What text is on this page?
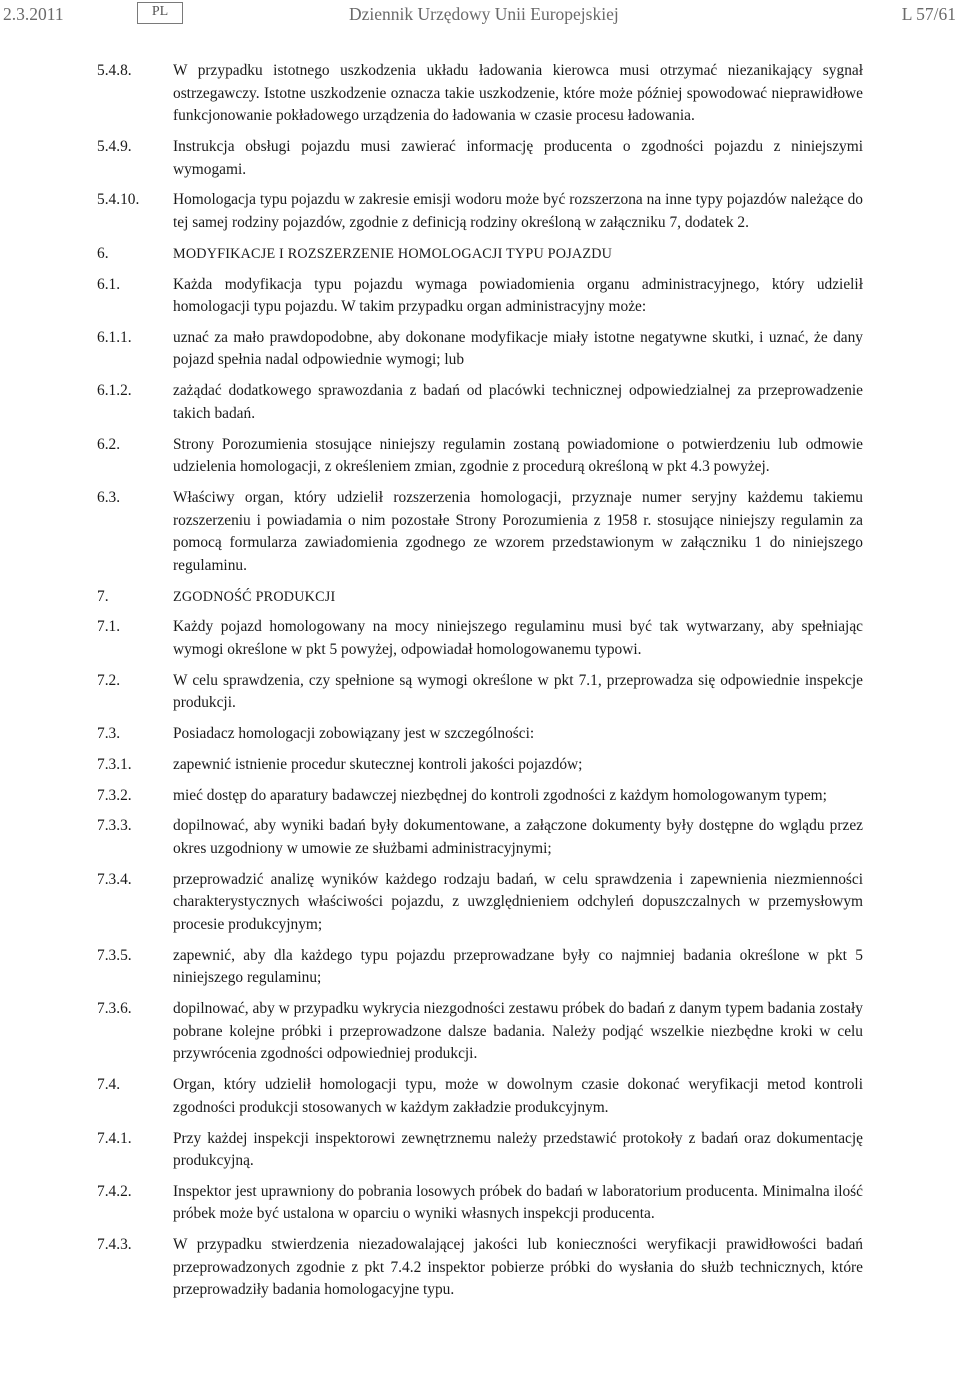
2.3.2011	PL	Dziennik Urzędowy Unii Europejskiej	L 57/61
5.4.8.	W przypadku istotnego uszkodzenia układu ładowania kierowca musi otrzymać niezanikający sygnał ostrzegawczy. Istotne uszkodzenie oznacza takie uszkodzenie, które może później spowodować nieprawidłowe funkcjonowanie pokładowego urządzenia do ładowania w czasie procesu ładowania.
5.4.9.	Instrukcja obsługi pojazdu musi zawierać informację producenta o zgodności pojazdu z niniejszymi wymogami.
5.4.10.	Homologacja typu pojazdu w zakresie emisji wodoru może być rozszerzona na inne typy pojazdów należące do tej samej rodziny pojazdów, zgodnie z definicją rodziny określoną w załączniku 7, dodatek 2.
6.	MODYFIKACJE I ROZSZERZENIE HOMOLOGACJI TYPU POJAZDU
6.1.	Każda modyfikacja typu pojazdu wymaga powiadomienia organu administracyjnego, który udzielił homologacji typu pojazdu. W takim przypadku organ administracyjny może:
6.1.1.	uznać za mało prawdopodobne, aby dokonane modyfikacje miały istotne negatywne skutki, i uznać, że dany pojazd spełnia nadal odpowiednie wymogi; lub
6.1.2.	zażądać dodatkowego sprawozdania z badań od placówki technicznej odpowiedzialnej za przeprowadzenie takich badań.
6.2.	Strony Porozumienia stosujące niniejszy regulamin zostaną powiadomione o potwierdzeniu lub odmowie udzielenia homologacji, z określeniem zmian, zgodnie z procedurą określoną w pkt 4.3 powyżej.
6.3.	Właściwy organ, który udzielił rozszerzenia homologacji, przyznaje numer seryjny każdemu takiemu rozszerzeniu i powiadamia o nim pozostałe Strony Porozumienia z 1958 r. stosujące niniejszy regulamin za pomocą formularza zawiadomienia zgodnego ze wzorem przedstawionym w załączniku 1 do niniejszego regulaminu.
7.	ZGODNOŚĆ PRODUKCJI
7.1.	Każdy pojazd homologowany na mocy niniejszego regulaminu musi być tak wytwarzany, aby spełniając wymogi określone w pkt 5 powyżej, odpowiadał homologowanemu typowi.
7.2.	W celu sprawdzenia, czy spełnione są wymogi określone w pkt 7.1, przeprowadza się odpowiednie inspekcje produkcji.
7.3.	Posiadacz homologacji zobowiązany jest w szczególności:
7.3.1.	zapewnić istnienie procedur skutecznej kontroli jakości pojazdów;
7.3.2.	mieć dostęp do aparatury badawczej niezbędnej do kontroli zgodności z każdym homologowanym typem;
7.3.3.	dopilnować, aby wyniki badań były dokumentowane, a załączone dokumenty były dostępne do wglądu przez okres uzgodniony w umowie ze służbami administracyjnymi;
7.3.4.	przeprowadzić analizę wyników każdego rodzaju badań, w celu sprawdzenia i zapewnienia niezmienności charakterystycznych właściwości pojazdu, z uwzględnieniem odchyleń dopuszczalnych w przemysłowym procesie produkcyjnym;
7.3.5.	zapewnić, aby dla każdego typu pojazdu przeprowadzane były co najmniej badania określone w pkt 5 niniejszego regulaminu;
7.3.6.	dopilnować, aby w przypadku wykrycia niezgodności zestawu próbek do badań z danym typem badania zostały pobrane kolejne próbki i przeprowadzone dalsze badania. Należy podjąć wszelkie niezbędne kroki w celu przywrócenia zgodności odpowiedniej produkcji.
7.4.	Organ, który udzielił homologacji typu, może w dowolnym czasie dokonać weryfikacji metod kontroli zgodności produkcji stosowanych w każdym zakładzie produkcyjnym.
7.4.1.	Przy każdej inspekcji inspektorowi zewnętrznemu należy przedstawić protokoły z badań oraz dokumentację produkcyjną.
7.4.2.	Inspektor jest uprawniony do pobrania losowych próbek do badań w laboratorium producenta. Minimalna ilość próbek może być ustalona w oparciu o wyniki własnych inspekcji producenta.
7.4.3.	W przypadku stwierdzenia niezadowalającej jakości lub konieczności weryfikacji prawidłowości badań przeprowadzonych zgodnie z pkt 7.4.2 inspektor pobierze próbki do wysłania do służb technicznych, które przeprowadziły badania homologacyjne typu.
